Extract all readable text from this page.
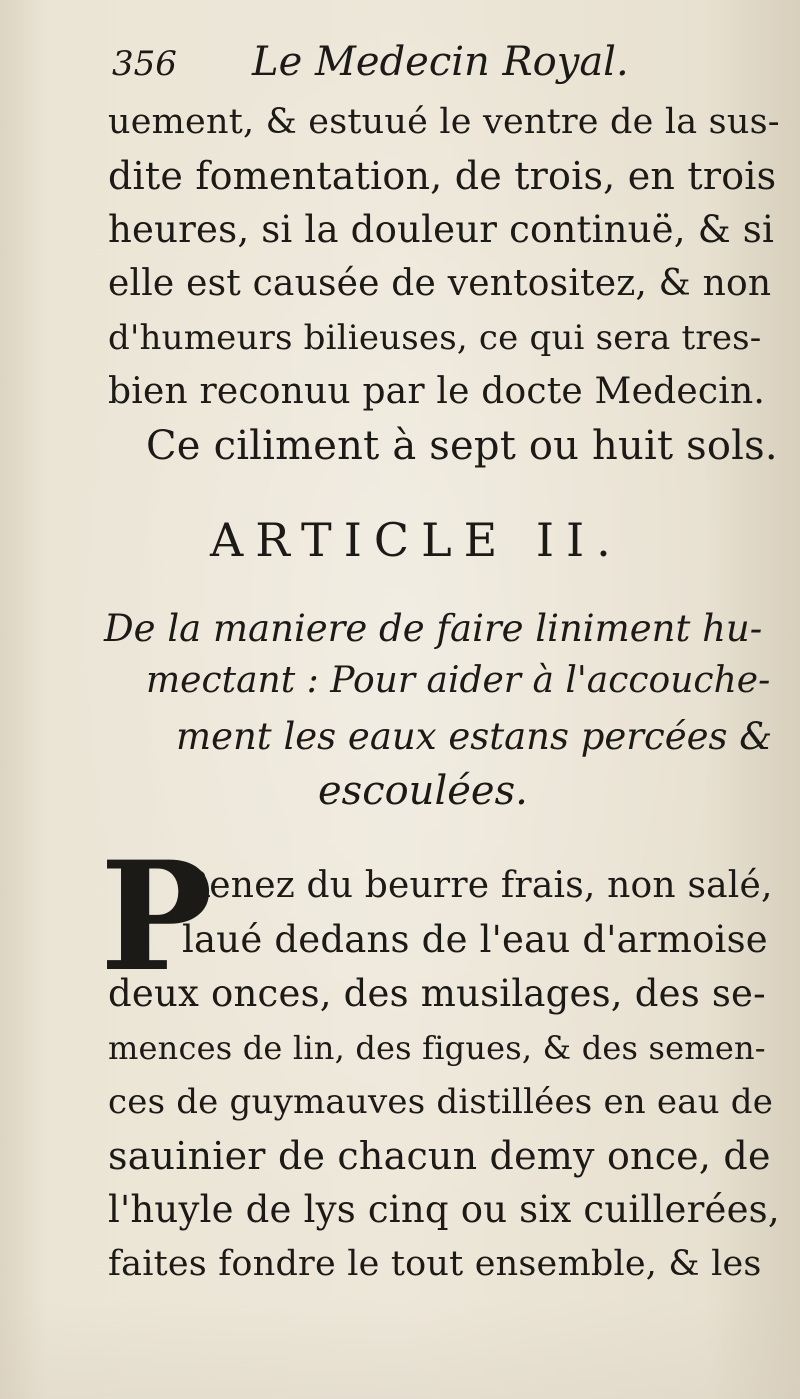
356 Le Medecin Royal.
uement, & estuué le ventre de la sus-
dite fomentation, de trois, en trois
heures, si la douleur continuë, & si
elle est causée de ventositez, & non
d'humeurs bilieuses, ce qui sera tres-
bien reconuu par le docte Medecin.
Ce ciliment à sept ou huit sols.
ARTICLE II.
De la maniere de faire liniment hu-
mectant : Pour aider à l'accouche-
ment les eaux estans percées &
escoulées.
P
Renez du beurre frais, non salé,
laué dedans de l'eau d'armoise
deux onces, des musilages, des se-
mences de lin, des figues, & des semen-
ces de guymauves distillées en eau de
sauinier de chacun demy once, de
l'huyle de lys cinq ou six cuillerées,
faites fondre le tout ensemble, & les
